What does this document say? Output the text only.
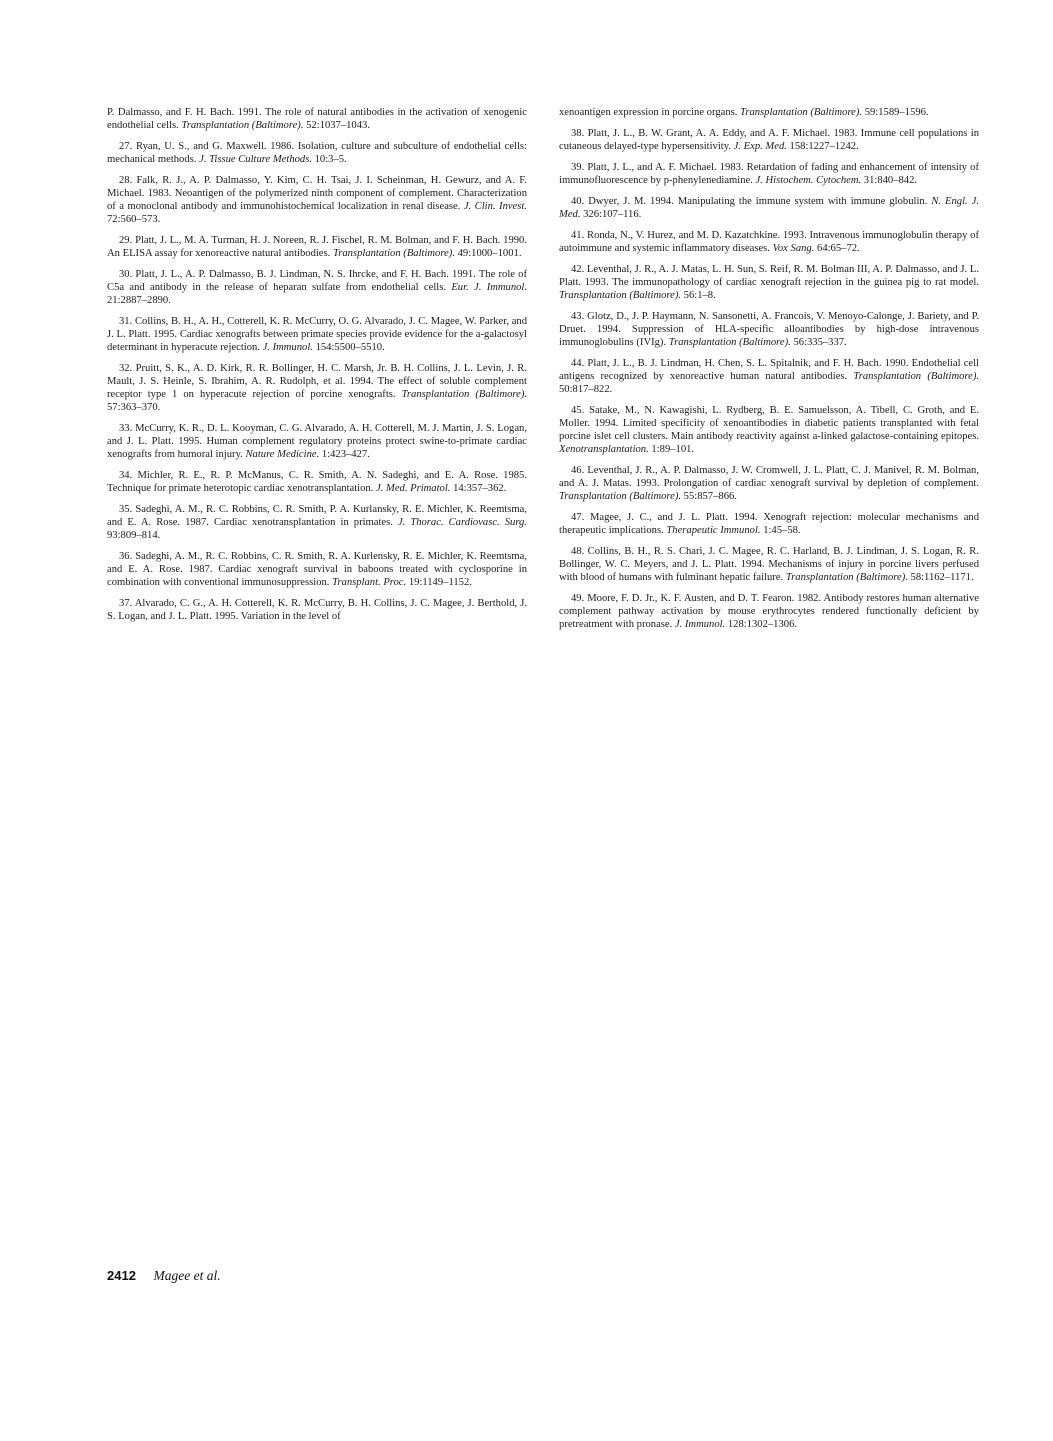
P. Dalmasso, and F. H. Bach. 1991. The role of natural antibodies in the activation of xenogenic endothelial cells. Transplantation (Baltimore). 52:1037–1043.

27. Ryan, U. S., and G. Maxwell. 1986. Isolation, culture and subculture of endothelial cells: mechanical methods. J. Tissue Culture Methods. 10:3–5.

28. Falk, R. J., A. P. Dalmasso, Y. Kim, C. H. Tsai, J. I. Scheinman, H. Gewurz, and A. F. Michael. 1983. Neoantigen of the polymerized ninth component of complement. Characterization of a monoclonal antibody and immunohistochemical localization in renal disease. J. Clin. Invest. 72:560–573.

29. Platt, J. L., M. A. Turman, H. J. Noreen, R. J. Fischel, R. M. Bolman, and F. H. Bach. 1990. An ELISA assay for xenoreactive natural antibodies. Transplantation (Baltimore). 49:1000–1001.

30. Platt, J. L., A. P. Dalmasso, B. J. Lindman, N. S. Ihrcke, and F. H. Bach. 1991. The role of C5a and antibody in the release of heparan sulfate from endothelial cells. Eur. J. Immunol. 21:2887–2890.

31. Collins, B. H., A. H., Cotterell, K. R. McCurry, O. G. Alvarado, J. C. Magee, W. Parker, and J. L. Platt. 1995. Cardiac xenografts between primate species provide evidence for the a-galactosyl determinant in hyperacute rejection. J. Immunol. 154:5500–5510.

32. Pruitt, S. K., A. D. Kirk, R. R. Bollinger, H. C. Marsh, Jr. B. H. Collins, J. L. Levin, J. R. Mault, J. S. Heinle, S. Ibrahim, A. R. Rudolph, et al. 1994. The effect of soluble complement receptor type 1 on hyperacute rejection of porcine xenografts. Transplantation (Baltimore). 57:363–370.

33. McCurry, K. R., D. L. Kooyman, C. G. Alvarado, A. H. Cotterell, M. J. Martin, J. S. Logan, and J. L. Platt. 1995. Human complement regulatory proteins protect swine-to-primate cardiac xenografts from humoral injury. Nature Medicine. 1:423–427.

34. Michler, R. E., R. P. McManus, C. R. Smith, A. N. Sadeghi, and E. A. Rose. 1985. Technique for primate heterotopic cardiac xenotransplantation. J. Med. Primatol. 14:357–362.

35. Sadeghi, A. M., R. C. Robbins, C. R. Smith, P. A. Kurlansky, R. E. Michler, K. Reemtsma, and E. A. Rose. 1987. Cardiac xenotransplantation in primates. J. Thorac. Cardiovasc. Surg. 93:809–814.

36. Sadeghi, A. M., R. C. Robbins, C. R. Smith, R. A. Kurlensky, R. E. Michler, K. Reemtsma, and E. A. Rose. 1987. Cardiac xenograft survival in baboons treated with cyclosporine in combination with conventional immunosuppression. Transplant. Proc. 19:1149–1152.

37. Alvarado, C. G., A. H. Cotterell, K. R. McCurry, B. H. Collins, J. C. Magee, J. Berthold, J. S. Logan, and J. L. Platt. 1995. Variation in the level of

xenoantigen expression in porcine organs. Transplantation (Baltimore). 59:1589–1596.

38. Platt, J. L., B. W. Grant, A. A. Eddy, and A. F. Michael. 1983. Immune cell populations in cutaneous delayed-type hypersensitivity. J. Exp. Med. 158:1227–1242.

39. Platt, J. L., and A. F. Michael. 1983. Retardation of fading and enhancement of intensity of immunofluorescence by p-phenylenediamine. J. Histochem. Cytochem. 31:840–842.

40. Dwyer, J. M. 1994. Manipulating the immune system with immune globulin. N. Engl. J. Med. 326:107–116.

41. Ronda, N., V. Hurez, and M. D. Kazatchkine. 1993. Intravenous immunoglobulin therapy of autoimmune and systemic inflammatory diseases. Vox Sang. 64:65–72.

42. Leventhal, J. R., A. J. Matas, L. H. Sun, S. Reif, R. M. Bolman III, A. P. Dalmasso, and J. L. Platt. 1993. The immunopathology of cardiac xenograft rejection in the guinea pig to rat model. Transplantation (Baltimore). 56:1–8.

43. Glotz, D., J. P. Haymann, N. Sansonetti, A. Francois, V. Menoyo-Calonge, J. Bariety, and P. Druet. 1994. Suppression of HLA-specific alloantibodies by high-dose intravenous immunoglobulins (IVIg). Transplantation (Baltimore). 56:335–337.

44. Platt, J. L., B. J. Lindman, H. Chen, S. L. Spitalnik, and F. H. Bach. 1990. Endothelial cell antigens recognized by xenoreactive human natural antibodies. Transplantation (Baltimore). 50:817–822.

45. Satake, M., N. Kawagishi, L. Rydberg, B. E. Samuelsson, A. Tibell, C. Groth, and E. Moller. 1994. Limited specificity of xenoantibodies in diabetic patients transplanted with fetal porcine islet cell clusters. Main antibody reactivity against a-linked galactose-containing epitopes. Xenotransplantation. 1:89–101.

46. Leventhal, J. R., A. P. Dalmasso, J. W. Cromwell, J. L. Platt, C. J. Manivel, R. M. Bolman, and A. J. Matas. 1993. Prolongation of cardiac xenograft survival by depletion of complement. Transplantation (Baltimore). 55:857–866.

47. Magee, J. C., and J. L. Platt. 1994. Xenograft rejection: molecular mechanisms and therapeutic implications. Therapeutic Immunol. 1:45–58.

48. Collins, B. H., R. S. Chari, J. C. Magee, R. C. Harland, B. J. Lindman, J. S. Logan, R. R. Bollinger, W. C. Meyers, and J. L. Platt. 1994. Mechanisms of injury in porcine livers perfused with blood of humans with fulminant hepatic failure. Transplantation (Baltimore). 58:1162–1171.

49. Moore, F. D. Jr., K. F. Austen, and D. T. Fearon. 1982. Antibody restores human alternative complement pathway activation by mouse erythrocytes rendered functionally deficient by pretreatment with pronase. J. Immunol. 128:1302–1306.

2412 Magee et al.
